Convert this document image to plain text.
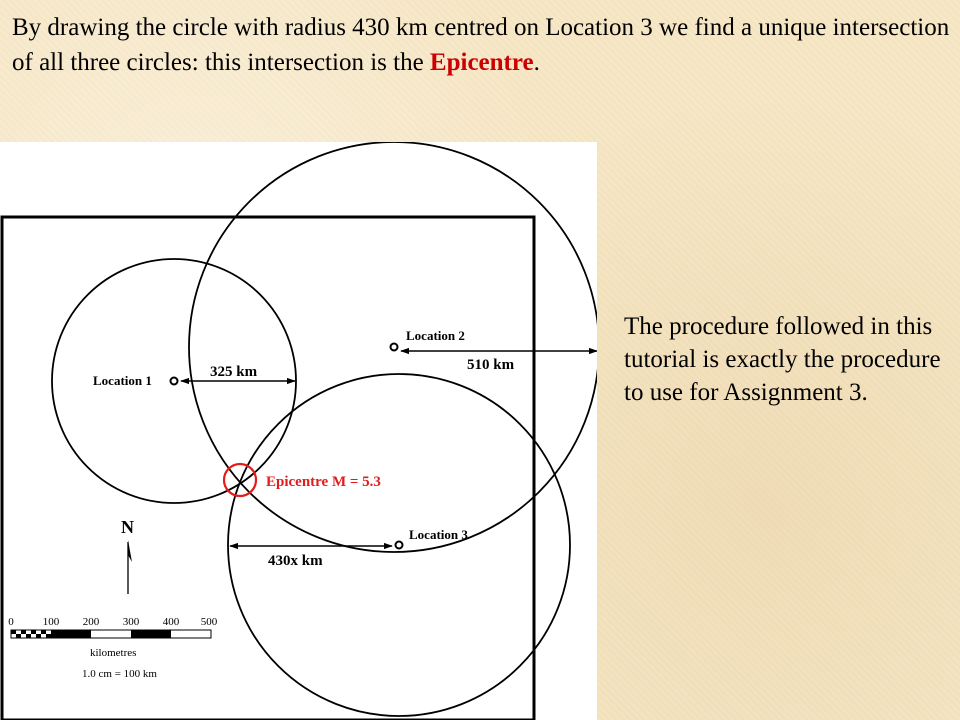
By drawing the circle with radius 430 km centred on Location 3 we find a unique intersection of all three circles: this intersection is the Epicentre.
Location 1
325 km
Location 2
510 km
Location 3
430x km
Epicentre M = 5.3
N
0	100 200 300 400 500
kilometres
1.0 cm = 100 km
The procedure followed in this tutorial is exactly the procedure to use for Assignment 3.
